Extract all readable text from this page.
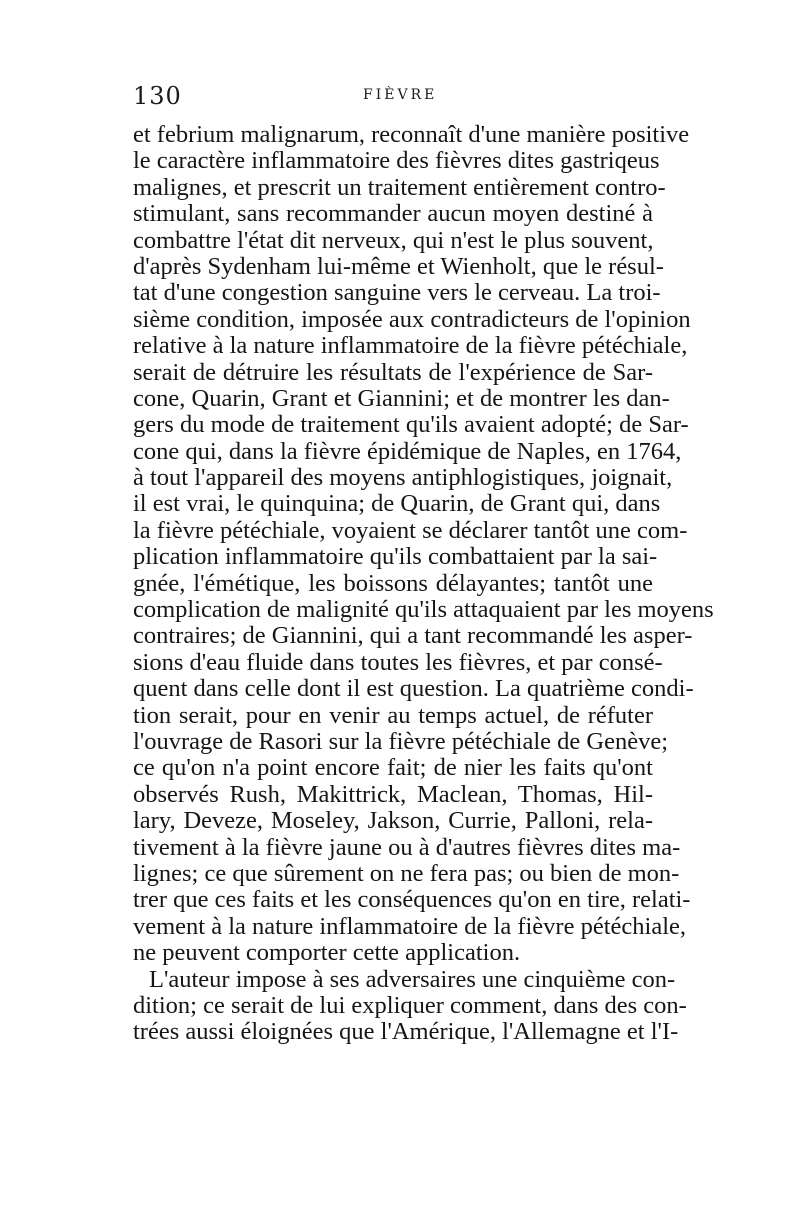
130	FIÈVRE
et febrium malignarum, reconnaît d'une manière positive
le caractère inflammatoire des fièvres dites gastriqeus
malignes, et prescrit un traitement entièrement contro-
stimulant, sans recommander aucun moyen destiné à
combattre l'état dit nerveux, qui n'est le plus souvent,
d'après Sydenham lui-même et Wienholt, que le résul-
tat d'une congestion sanguine vers le cerveau. La troi-
sième condition, imposée aux contradicteurs de l'opinion
relative à la nature inflammatoire de la fièvre pétéchiale,
serait de détruire les résultats de l'expérience de Sar-
cone, Quarin, Grant et Giannini; et de montrer les dan-
gers du mode de traitement qu'ils avaient adopté; de Sar-
cone qui, dans la fièvre épidémique de Naples, en 1764,
à tout l'appareil des moyens antiphlogistiques, joignait,
il est vrai, le quinquina; de Quarin, de Grant qui, dans
la fièvre pétéchiale, voyaient se déclarer tantôt une com-
plication inflammatoire qu'ils combattaient par la sai-
gnée, l'émétique, les boissons délayantes; tantôt une
complication de malignité qu'ils attaquaient par les moyens
contraires; de Giannini, qui a tant recommandé les asper-
sions d'eau fluide dans toutes les fièvres, et par consé-
quent dans celle dont il est question. La quatrième condi-
tion serait, pour en venir au temps actuel, de réfuter
l'ouvrage de Rasori sur la fièvre pétéchiale de Genève;
ce qu'on n'a point encore fait; de nier les faits qu'ont
observés Rush, Makittrick, Maclean, Thomas, Hil-
lary, Deveze, Moseley, Jakson, Currie, Palloni, rela-
tivement à la fièvre jaune ou à d'autres fièvres dites ma-
lignes; ce que sûrement on ne fera pas; ou bien de mon-
trer que ces faits et les conséquences qu'on en tire, relati-
vement à la nature inflammatoire de la fièvre pétéchiale,
ne peuvent comporter cette application.
L'auteur impose à ses adversaires une cinquième con-
dition; ce serait de lui expliquer comment, dans des con-
trées aussi éloignées que l'Amérique, l'Allemagne et l'I-
